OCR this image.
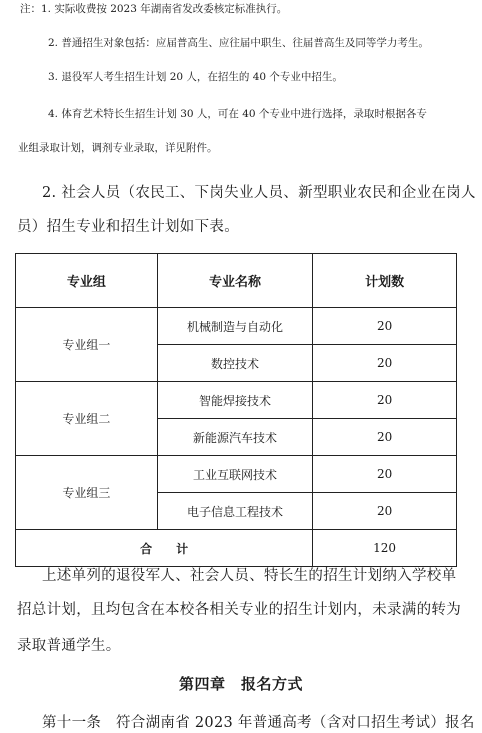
注：1. 实际收费按 2023 年湖南省发改委核定标准执行。
2. 普通招生对象包括：应届普高生、应往届中职生、往届普高生及同等学力考生。
3. 退役军人考生招生计划 20 人，在招生的 40 个专业中招生。
4. 体育艺术特长生招生计划 30 人，可在 40 个专业中进行选择，录取时根据各专
业组录取计划，调剂专业录取，详见附件。
2. 社会人员（农民工、下岗失业人员、新型职业农民和企业在岗人
员）招生专业和招生计划如下表。
专业组	专业名称	计划数
专业组一	机械制造与自动化	20
	数控技术	20
专业组二	智能焊接技术	20
	新能源汽车技术	20
专业组三	工业互联网技术	20
	电子信息工程技术	20
合　　计		120
上述单列的退役军人、社会人员、特长生的招生计划纳入学校单
招总计划，且均包含在本校各相关专业的招生计划内，未录满的转为
录取普通学生。
第四章　报名方式
第十一条　符合湖南省 2023 年普通高考（含对口招生考试）报名
